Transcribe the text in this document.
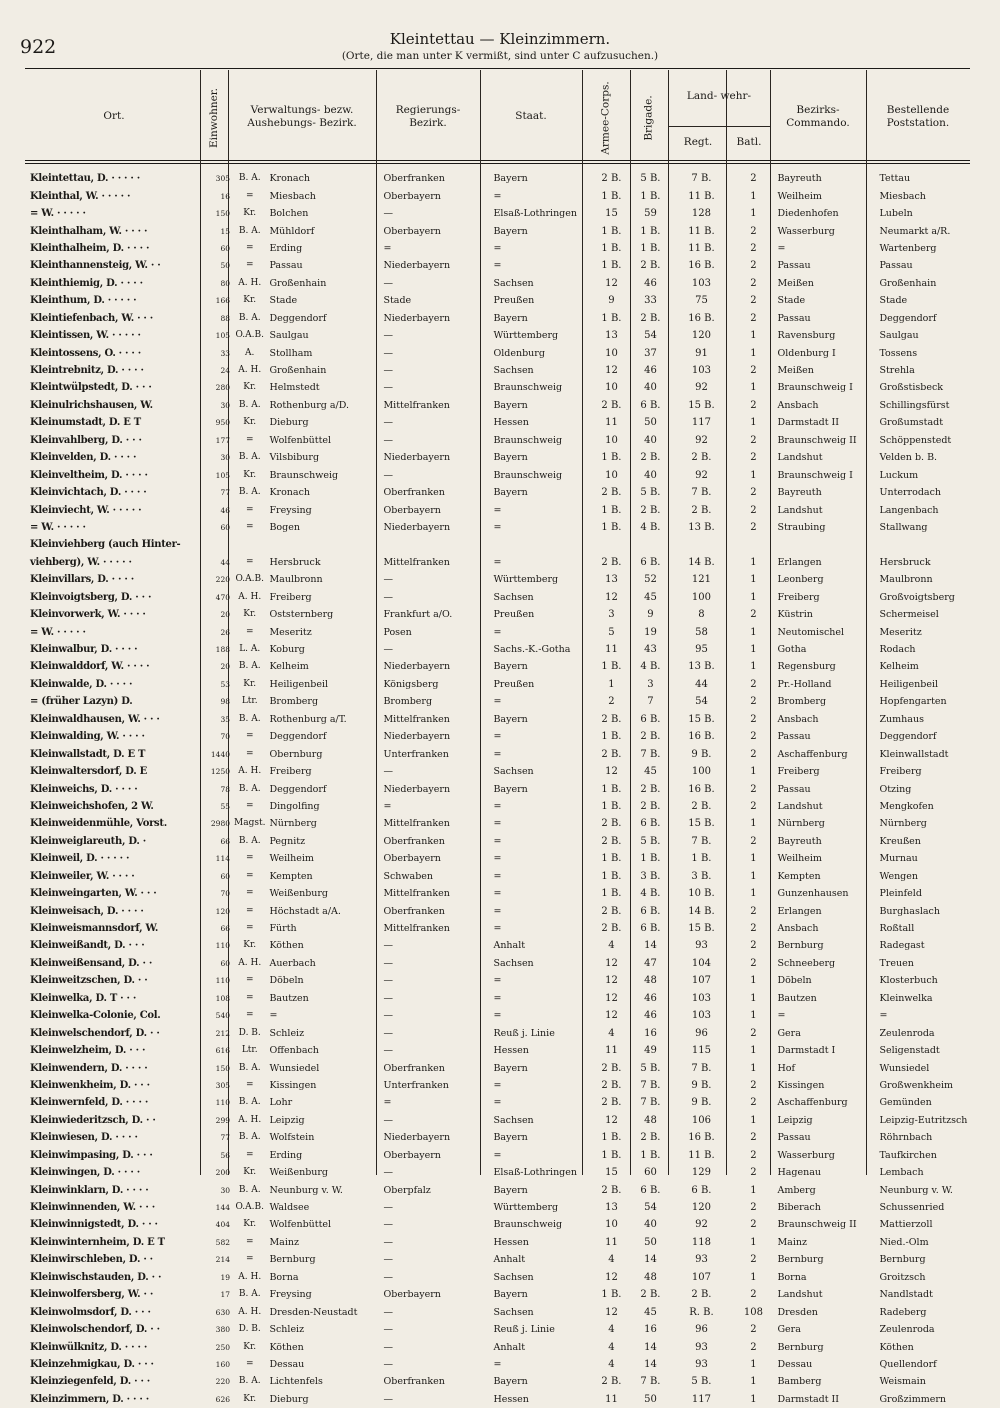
922	Kleintettau — Kleinzimmern.
(Orte, die man unter K vermißt, sind unter C aufzusuchen.)
Ort.	Einwohner.	Verwaltungs- bezw. Aushebungs- Bezirk.
Regierungs- Bezirk.
Staat.	Armee-Corps.	Brigade.	Land- wehr-
Regt.	Batl.
Bezirks- Commando.
Bestellende Poststation.
Kleintettau, D. · · · · ·	305	B. A.	Kronach	Oberfranken	Bayern	2 B.	5 B.	7 B.	2	Bayreuth	Tettau
Kleinthal, W. · · · · ·	16	=	Miesbach	Oberbayern	=	1 B.	1 B.	11 B.	1	Weilheim	Miesbach
= W. · · · · ·	150	Kr.	Bolchen	—	Elsaß-Lothringen	15	59	128	1	Diedenhofen	Lubeln
Kleinthalham, W. · · · ·	15	B. A.	Mühldorf	Oberbayern	Bayern	1 B.	1 B.	11 B.	2	Wasserburg	Neumarkt a/R.
Kleinthalheim, D. · · · ·	60	=	Erding	=	=	1 B.	1 B.	11 B.	2	=	Wartenberg
Kleinthannensteig, W. · ·	50	=	Passau	Niederbayern	=	1 B.	2 B.	16 B.	2	Passau	Passau
Kleinthiemig, D. · · · ·	80	A. H.	Großenhain	—	Sachsen	12	46	103	2	Meißen	Großenhain
Kleinthum, D. · · · · ·	166	Kr.	Stade	Stade	Preußen	9	33	75	2	Stade	Stade
Kleintiefenbach, W. · · ·	88	B. A.	Deggendorf	Niederbayern	Bayern	1 B.	2 B.	16 B.	2	Passau	Deggendorf
Kleintissen, W. · · · · ·	105	O.A.B.	Saulgau	—	Württemberg	13	54	120	1	Ravensburg	Saulgau
Kleintossens, O. · · · ·	33	A.	Stollham	—	Oldenburg	10	37	91	1	Oldenburg I	Tossens
Kleintrebnitz, D. · · · ·	24	A. H.	Großenhain	—	Sachsen	12	46	103	2	Meißen	Strehla
Kleintwülpstedt, D. · · ·	280	Kr.	Helmstedt	—	Braunschweig	10	40	92	1	Braunschweig I	Großstisbeck
Kleinulrichshausen, W.	30	B. A.	Rothenburg a/D.	Mittelfranken	Bayern	2 B.	6 B.	15 B.	2	Ansbach	Schillingsfürst
Kleinumstadt, D. E T	950	Kr.	Dieburg	—	Hessen	11	50	117	1	Darmstadt II	Großumstadt
Kleinvahlberg, D. · · ·	177	=	Wolfenbüttel	—	Braunschweig	10	40	92	2	Braunschweig II	Schöppenstedt
Kleinvelden, D. · · · ·	30	B. A.	Vilsbiburg	Niederbayern	Bayern	1 B.	2 B.	2 B.	2	Landshut	Velden b. B.
Kleinveltheim, D. · · · ·	105	Kr.	Braunschweig	—	Braunschweig	10	40	92	1	Braunschweig I	Luckum
Kleinvichtach, D. · · · ·	77	B. A.	Kronach	Oberfranken	Bayern	2 B.	5 B.	7 B.	2	Bayreuth	Unterrodach
Kleinviecht, W. · · · · ·	46	=	Freysing	Oberbayern	=	1 B.	2 B.	2 B.	2	Landshut	Langenbach
= W. · · · · ·	60	=	Bogen	Niederbayern	=	1 B.	4 B.	13 B.	2	Straubing	Stallwang
Kleinviehberg (auch Hinter-											
viehberg), W. · · · · ·	44	=	Hersbruck	Mittelfranken	=	2 B.	6 B.	14 B.	1	Erlangen	Hersbruck
Kleinvillars, D. · · · ·	220	O.A.B.	Maulbronn	—	Württemberg	13	52	121	1	Leonberg	Maulbronn
Kleinvoigtsberg, D. · · ·	470	A. H.	Freiberg	—	Sachsen	12	45	100	1	Freiberg	Großvoigtsberg
Kleinvorwerk, W. · · · ·	20	Kr.	Oststernberg	Frankfurt a/O.	Preußen	3	9	8	2	Küstrin	Schermeisel
= W. · · · · ·	26	=	Meseritz	Posen	=	5	19	58	1	Neutomischel	Meseritz
Kleinwalbur, D. · · · ·	188	L. A.	Koburg	—	Sachs.-K.-Gotha	11	43	95	1	Gotha	Rodach
Kleinwalddorf, W. · · · ·	20	B. A.	Kelheim	Niederbayern	Bayern	1 B.	4 B.	13 B.	1	Regensburg	Kelheim
Kleinwalde, D. · · · ·	53	Kr.	Heiligenbeil	Königsberg	Preußen	1	3	44	2	Pr.-Holland	Heiligenbeil
= (früher Lazyn) D.	98	Ltr.	Bromberg	Bromberg	=	2	7	54	2	Bromberg	Hopfengarten
Kleinwaldhausen, W. · · ·	35	B. A.	Rothenburg a/T.	Mittelfranken	Bayern	2 B.	6 B.	15 B.	2	Ansbach	Zumhaus
Kleinwalding, W. · · · ·	70	=	Deggendorf	Niederbayern	=	1 B.	2 B.	16 B.	2	Passau	Deggendorf
Kleinwallstadt, D. E T	1440	=	Obernburg	Unterfranken	=	2 B.	7 B.	9 B.	2	Aschaffenburg	Kleinwallstadt
Kleinwaltersdorf, D. E	1250	A. H.	Freiberg	—	Sachsen	12	45	100	1	Freiberg	Freiberg
Kleinweichs, D. · · · ·	78	B. A.	Deggendorf	Niederbayern	Bayern	1 B.	2 B.	16 B.	2	Passau	Otzing
Kleinweichshofen, 2 W.	55	=	Dingolfing	=	=	1 B.	2 B.	2 B.	2	Landshut	Mengkofen
Kleinweidenmühle, Vorst.	2980	Magst.	Nürnberg	Mittelfranken	=	2 B.	6 B.	15 B.	1	Nürnberg	Nürnberg
Kleinweiglareuth, D. ·	66	B. A.	Pegnitz	Oberfranken	=	2 B.	5 B.	7 B.	2	Bayreuth	Kreußen
Kleinweil, D. · · · · ·	114	=	Weilheim	Oberbayern	=	1 B.	1 B.	1 B.	1	Weilheim	Murnau
Kleinweiler, W. · · · ·	60	=	Kempten	Schwaben	=	1 B.	3 B.	3 B.	1	Kempten	Wengen
Kleinweingarten, W. · · ·	70	=	Weißenburg	Mittelfranken	=	1 B.	4 B.	10 B.	1	Gunzenhausen	Pleinfeld
Kleinweisach, D. · · · ·	120	=	Höchstadt a/A.	Oberfranken	=	2 B.	6 B.	14 B.	2	Erlangen	Burghaslach
Kleinweismannsdorf, W.	66	=	Fürth	Mittelfranken	=	2 B.	6 B.	15 B.	2	Ansbach	Roßtall
Kleinweißandt, D. · · ·	110	Kr.	Köthen	—	Anhalt	4	14	93	2	Bernburg	Radegast
Kleinweißensand, D. · ·	60	A. H.	Auerbach	—	Sachsen	12	47	104	2	Schneeberg	Treuen
Kleinweitzschen, D. · ·	110	=	Döbeln	—	=	12	48	107	1	Döbeln	Klosterbuch
Kleinwelka, D. T · · ·	108	=	Bautzen	—	=	12	46	103	1	Bautzen	Kleinwelka
Kleinwelka-Colonie, Col.	540	=	=	—	=	12	46	103	1	=	=
Kleinwelschendorf, D. · ·	212	D. B.	Schleiz	—	Reuß j. Linie	4	16	96	2	Gera	Zeulenroda
Kleinwelzheim, D. · · ·	616	Ltr.	Offenbach	—	Hessen	11	49	115	1	Darmstadt I	Seligenstadt
Kleinwendern, D. · · · ·	150	B. A.	Wunsiedel	Oberfranken	Bayern	2 B.	5 B.	7 B.	1	Hof	Wunsiedel
Kleinwenkheim, D. · · ·	305	=	Kissingen	Unterfranken	=	2 B.	7 B.	9 B.	2	Kissingen	Großwenkheim
Kleinwernfeld, D. · · · ·	110	B. A.	Lohr	=	=	2 B.	7 B.	9 B.	2	Aschaffenburg	Gemünden
Kleinwiederitzsch, D. · ·	299	A. H.	Leipzig	—	Sachsen	12	48	106	1	Leipzig	Leipzig-Eutritzsch
Kleinwiesen, D. · · · ·	77	B. A.	Wolfstein	Niederbayern	Bayern	1 B.	2 B.	16 B.	2	Passau	Röhrnbach
Kleinwimpasing, D. · · ·	56	=	Erding	Oberbayern	=	1 B.	1 B.	11 B.	2	Wasserburg	Taufkirchen
Kleinwingen, D. · · · ·	200	Kr.	Weißenburg	—	Elsaß-Lothringen	15	60	129	2	Hagenau	Lembach
Kleinwinklarn, D. · · · ·	30	B. A.	Neunburg v. W.	Oberpfalz	Bayern	2 B.	6 B.	6 B.	1	Amberg	Neunburg v. W.
Kleinwinnenden, W. · · ·	144	O.A.B.	Waldsee	—	Württemberg	13	54	120	2	Biberach	Schussenried
Kleinwinnigstedt, D. · · ·	404	Kr.	Wolfenbüttel	—	Braunschweig	10	40	92	2	Braunschweig II	Mattierzoll
Kleinwinternheim, D. E T	582	=	Mainz	—	Hessen	11	50	118	1	Mainz	Nied.-Olm
Kleinwirschleben, D. · ·	214	=	Bernburg	—	Anhalt	4	14	93	2	Bernburg	Bernburg
Kleinwischstauden, D. · ·	19	A. H.	Borna	—	Sachsen	12	48	107	1	Borna	Groitzsch
Kleinwolfersberg, W. · ·	17	B. A.	Freysing	Oberbayern	Bayern	1 B.	2 B.	2 B.	2	Landshut	Nandlstadt
Kleinwolmsdorf, D. · · ·	630	A. H.	Dresden-Neustadt	—	Sachsen	12	45	R. B.	108	Dresden	Radeberg
Kleinwolschendorf, D. · ·	380	D. B.	Schleiz	—	Reuß j. Linie	4	16	96	2	Gera	Zeulenroda
Kleinwülknitz, D. · · · ·	250	Kr.	Köthen	—	Anhalt	4	14	93	2	Bernburg	Köthen
Kleinzehmigkau, D. · · ·	160	=	Dessau	—	=	4	14	93	1	Dessau	Quellendorf
Kleinziegenfeld, D. · · ·	220	B. A.	Lichtenfels	Oberfranken	Bayern	2 B.	7 B.	5 B.	1	Bamberg	Weismain
Kleinzimmern, D. · · · ·	626	Kr.	Dieburg	—	Hessen	11	50	117	1	Darmstadt II	Großzimmern
